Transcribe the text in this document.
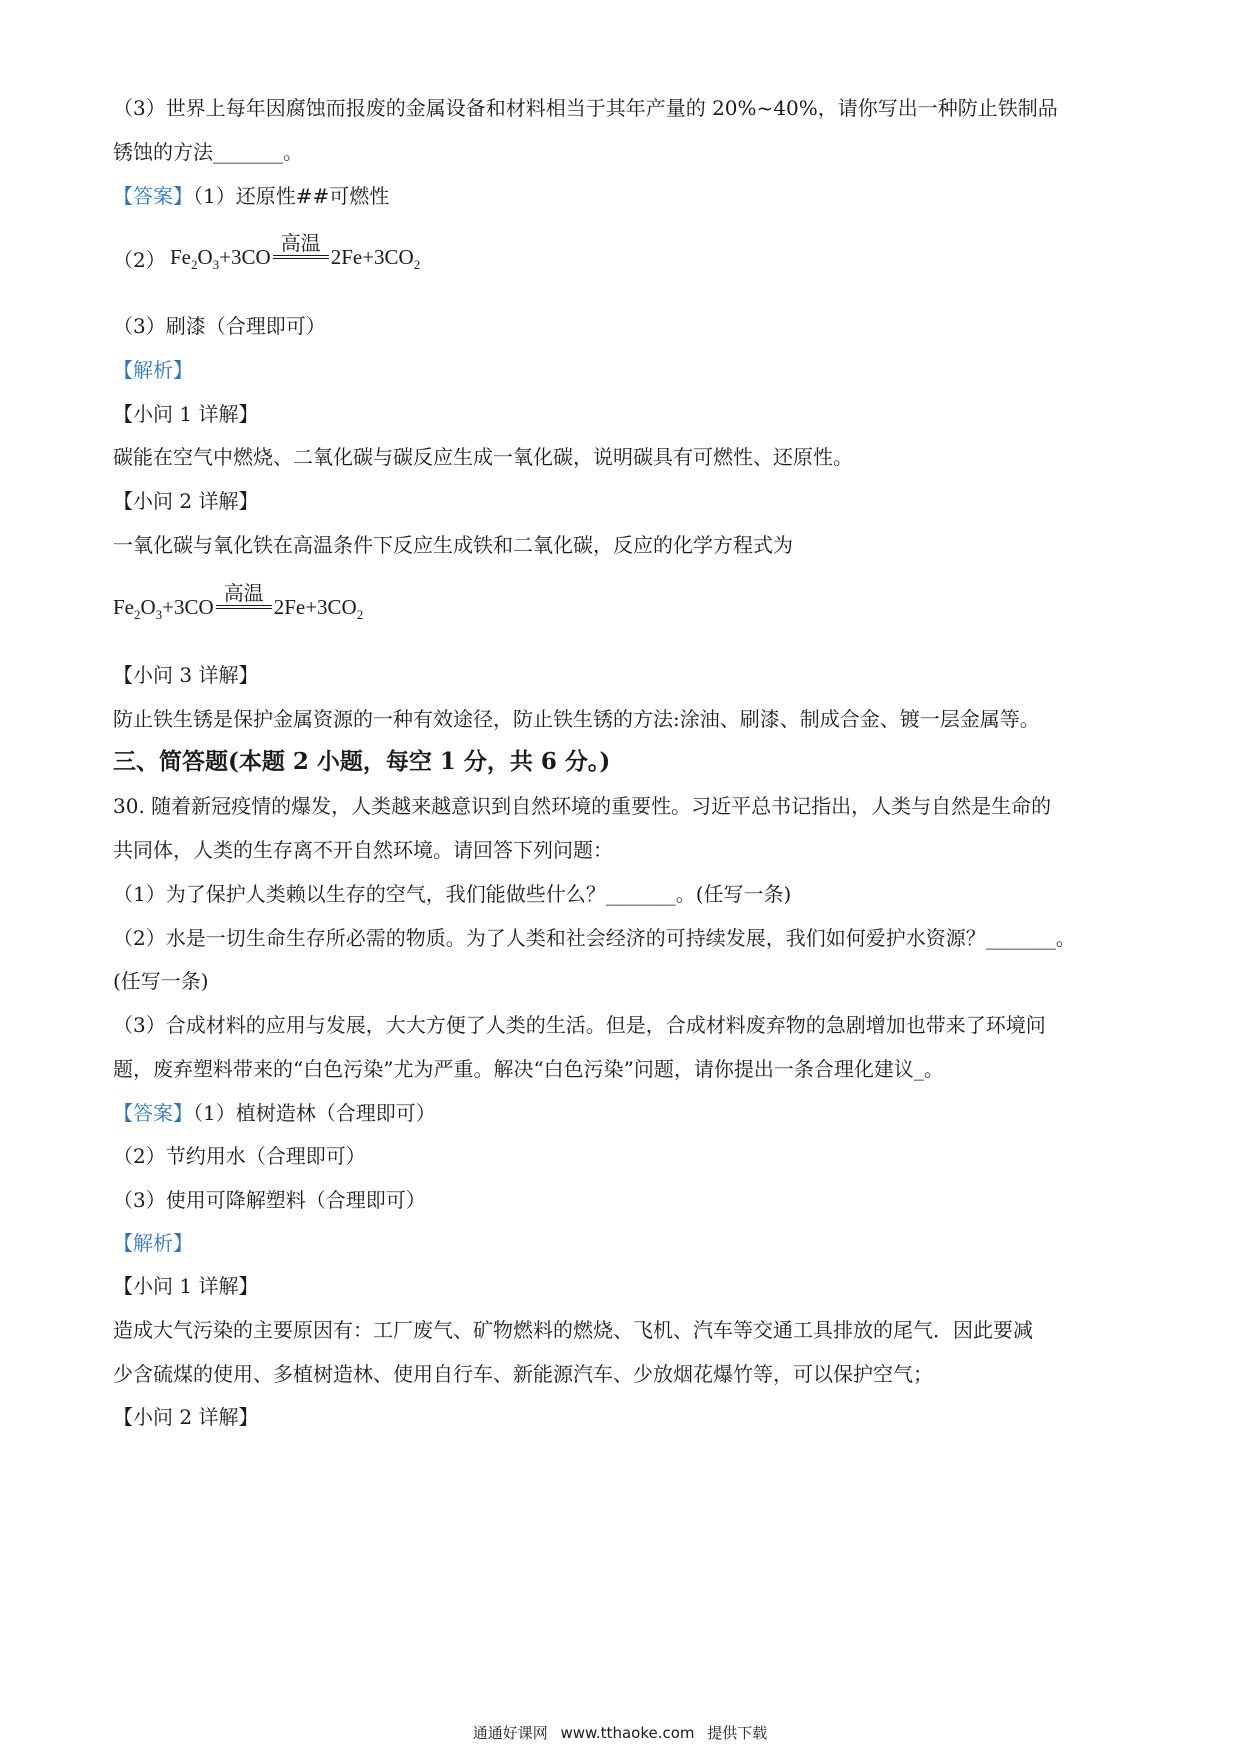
（3）世界上每年因腐蚀而报废的金属设备和材料相当于其年产量的 20%~40%，请你写出一种防止铁制品
锈蚀的方法_______。
【答案】（1）还原性##可燃性
（2） $Fe_2O_3+3CO$
高温
$2Fe+3CO_2$
（3）刷漆（合理即可）
【解析】
【小问 1 详解】
碳能在空气中燃烧、二氧化碳与碳反应生成一氧化碳，说明碳具有可燃性、还原性。
【小问 2 详解】
一氧化碳与氧化铁在高温条件下反应生成铁和二氧化碳，反应的化学方程式为
$Fe_2O_3+3CO$
高温
$2Fe+3CO_2$
【小问 3 详解】
防止铁生锈是保护金属资源的一种有效途径，防止铁生锈的方法:涂油、刷漆、制成合金、镀一层金属等。
三、简答题(本题 2 小题，每空 1 分，共 6 分。)
30. 随着新冠疫情的爆发，人类越来越意识到自然环境的重要性。习近平总书记指出，人类与自然是生命的
共同体，人类的生存离不开自然环境。请回答下列问题：
（1）为了保护人类赖以生存的空气，我们能做些什么？_______。(任写一条)
（2）水是一切生命生存所必需的物质。为了人类和社会经济的可持续发展，我们如何爱护水资源？_______。
(任写一条)
（3）合成材料的应用与发展，大大方便了人类的生活。但是，合成材料废弃物的急剧增加也带来了环境问
题，废弃塑料带来的“白色污染”尤为严重。解决“白色污染”问题，请你提出一条合理化建议_。
【答案】（1）植树造林（合理即可）
（2）节约用水（合理即可）
（3）使用可降解塑料（合理即可）
【解析】
【小问 1 详解】
造成大气污染的主要原因有：工厂废气、矿物燃料的燃烧、飞机、汽车等交通工具排放的尾气．因此要减
少含硫煤的使用、多植树造林、使用自行车、新能源汽车、少放烟花爆竹等，可以保护空气；
【小问 2 详解】
通通好课网 www.tthaoke.com 提供下载
